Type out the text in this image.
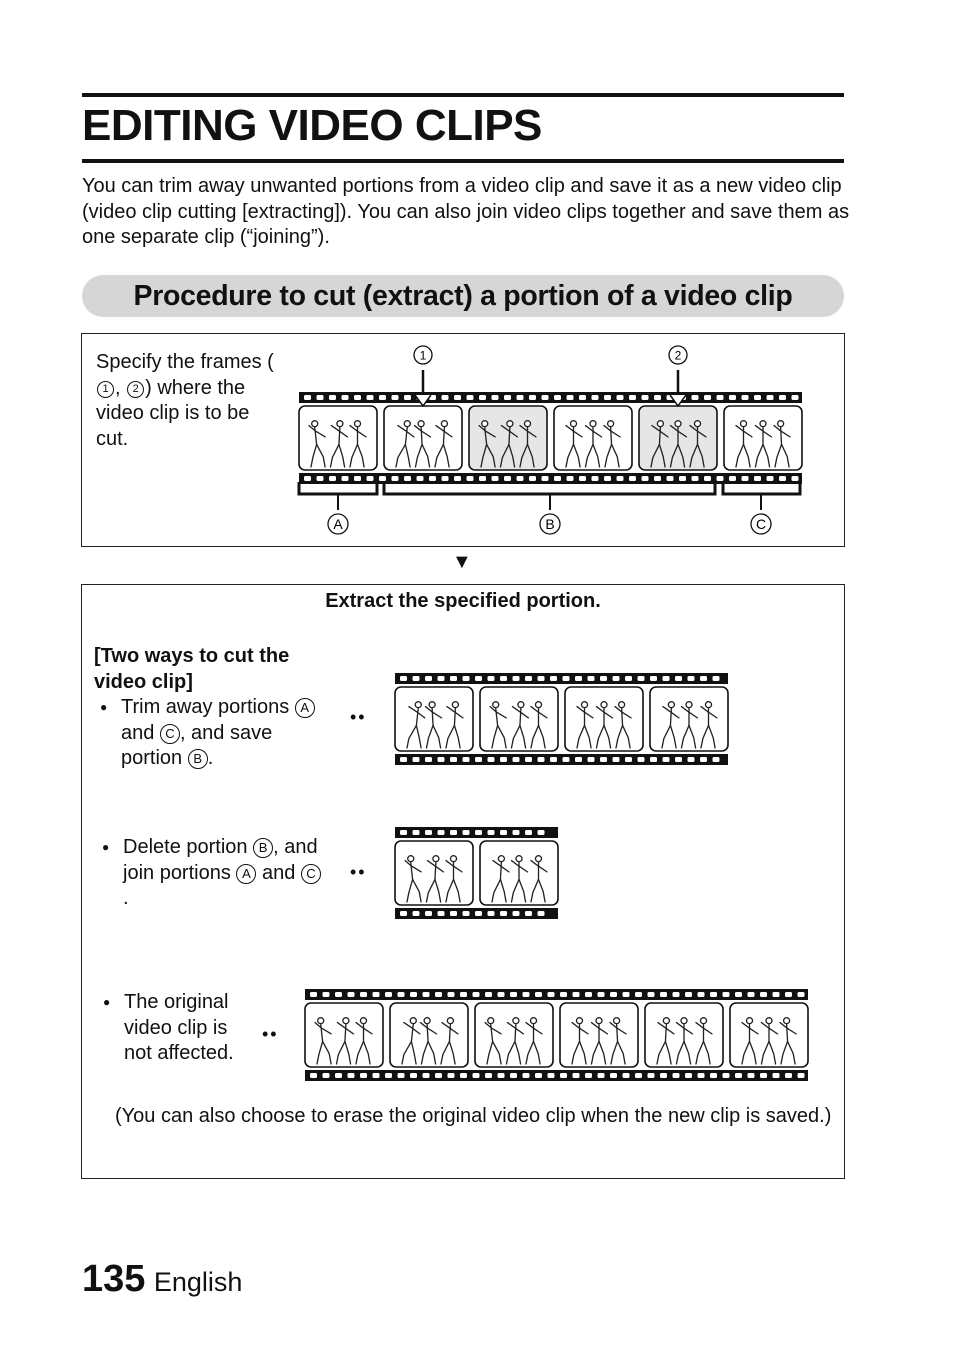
EDITING VIDEO CLIPS

You can trim away unwanted portions from a video clip and save it as a new video clip (video clip cutting [extracting]). You can also join video clips together and save them as one separate clip (“joining”).

Procedure to cut (extract) a portion of a video clip
Specify the frames (1 , 2 ) where the video clip is to be cut.
1	2
A	B	C
▼
Extract the specified portion.
[Two ways to cut the video clip]
● Trim away portions A and C , and save portion B .
••
● Delete portion B , and join portions A and C.
••
● The original video clip is not affected.
••
(You can also choose to erase the original video clip when the new clip is saved.)
135 English
